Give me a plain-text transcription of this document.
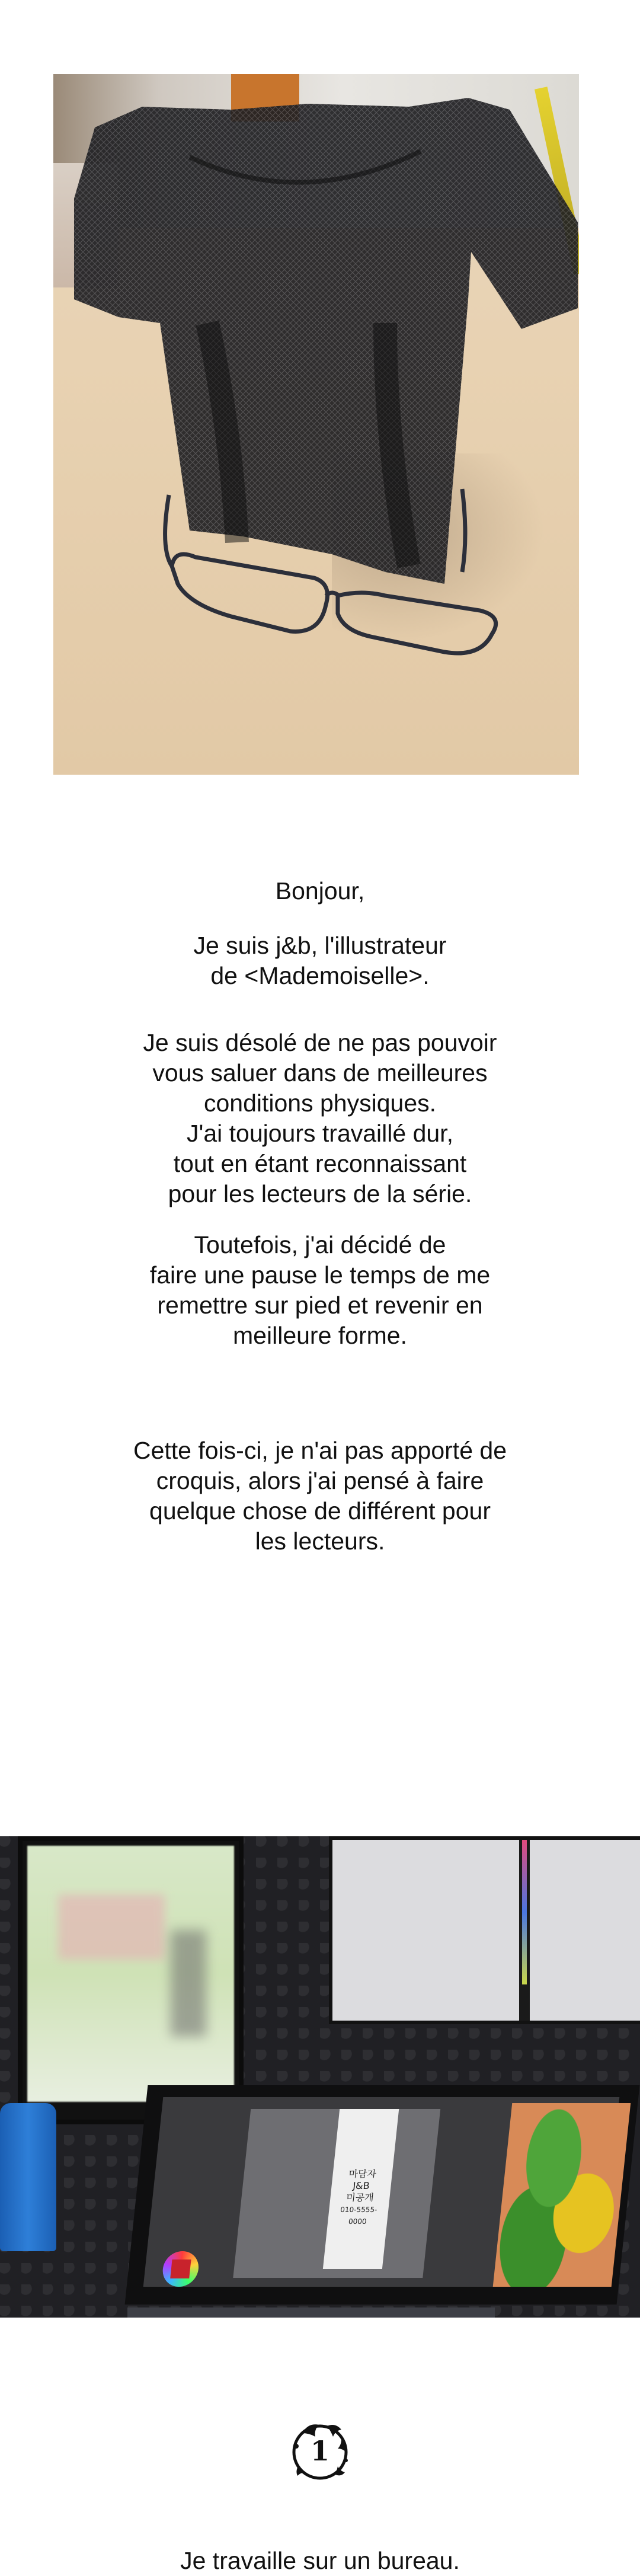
Bonjour,
Je suis j&b, l'illustrateur
de <Mademoiselle>.
Je suis désolé de ne pas pouvoir
vous saluer dans de meilleures
conditions physiques.
J'ai toujours travaillé dur,
tout en étant reconnaissant
pour les lecteurs de la série.
Toutefois, j'ai décidé de
faire une pause le temps de me
remettre sur pied et revenir en
meilleure forme.
Cette fois-ci, je n'ai pas apporté de
croquis, alors j'ai pensé à faire
quelque chose de différent pour
les lecteurs.
마담자
J&B
미공개
010-5555-
0000
1
Je travaille sur un bureau.
